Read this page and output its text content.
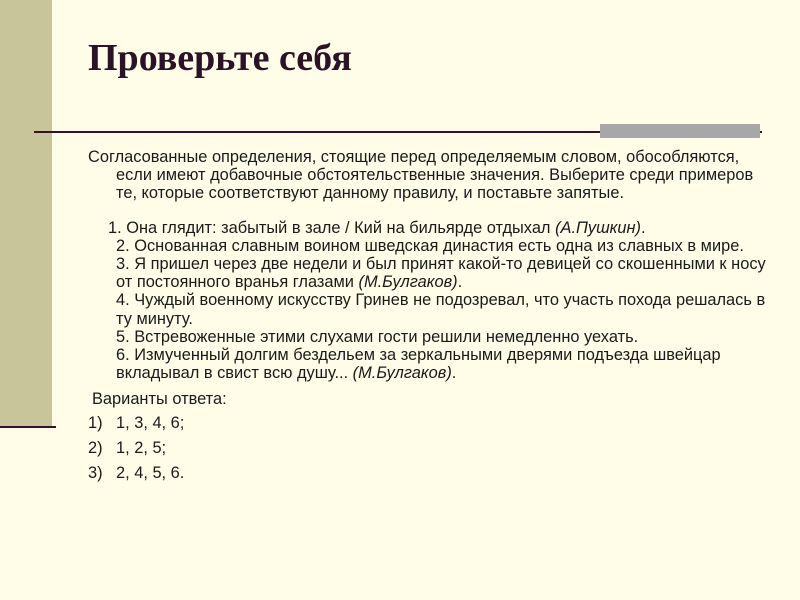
Проверьте себя

Согласованные определения, стоящие перед определяемым словом, обособляются, если имеют добавочные обстоятельственные значения. Выберите среди примеров те, которые соответствуют данному правилу, и поставьте запятые.

1. Она глядит: забытый в зале / Кий на бильярде отдыхал (А.Пушкин).

2. Основанная славным воином шведская династия есть одна из славных в мире.

3. Я пришел через две недели и был принят какой-то девицей со скошенными к носу от постоянного вранья глазами (М.Булгаков).

4. Чуждый военному искусству Гринев не подозревал, что участь похода решалась в ту минуту.

5. Встревоженные этими слухами гости решили немедленно уехать.

6. Измученный долгим бездельем за зеркальными дверями подъезда швейцар вкладывал в свист всю душу... (М.Булгаков).

Варианты ответа:

1) 1, 3, 4, 6;
2) 1, 2, 5;
3) 2, 4, 5, 6.
